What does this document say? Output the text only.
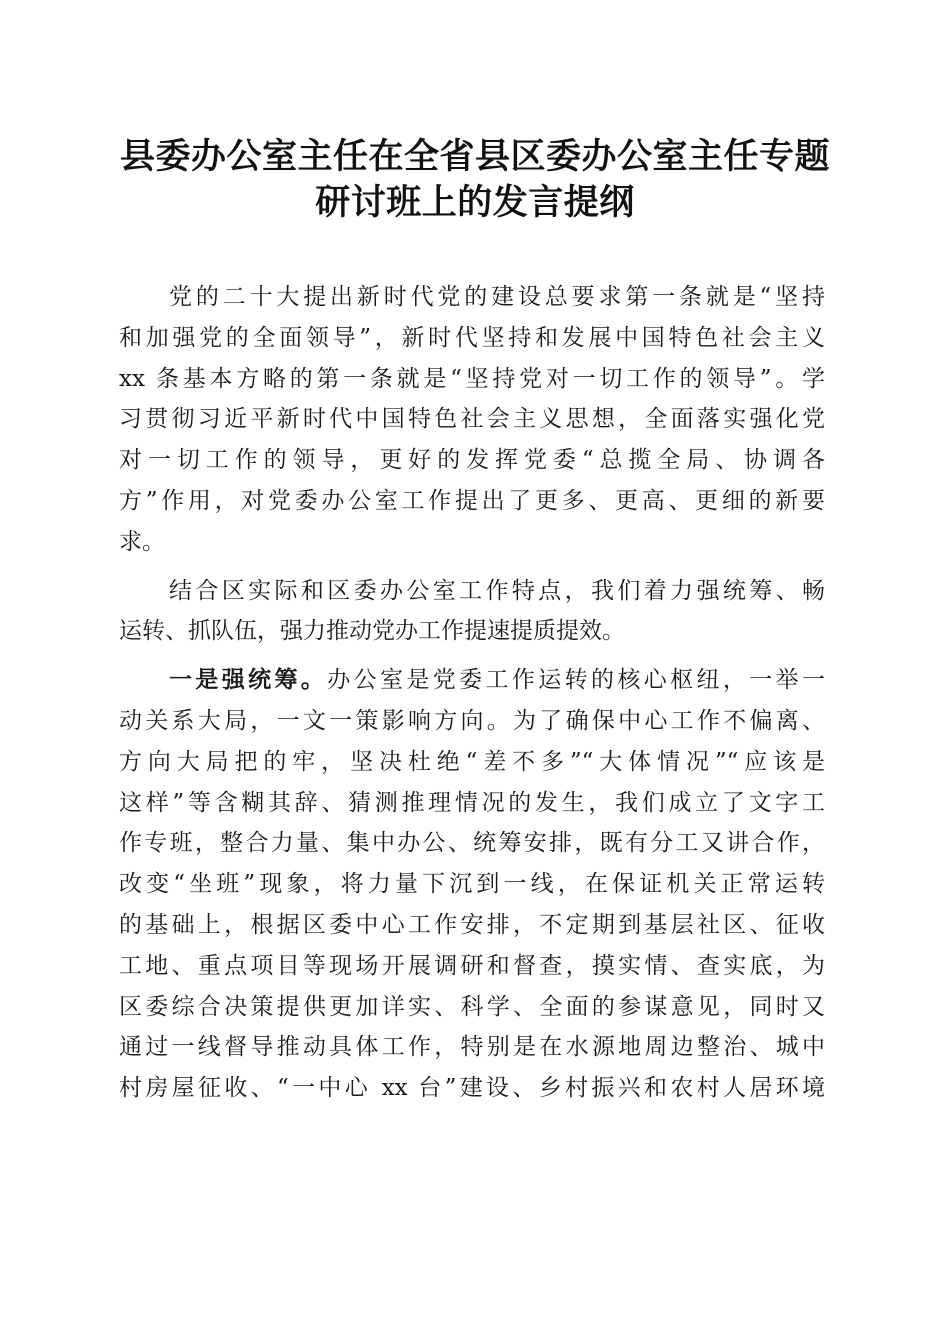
县委办公室主任在全省县区委办公室主任专题
研讨班上的发言提纲
党的二十大提出新时代党的建设总要求第一条就是“坚持
和加强党的全面领导”，新时代坚持和发展中国特色社会主义
xx 条基本方略的第一条就是“坚持党对一切工作的领导”。学
习贯彻习近平新时代中国特色社会主义思想，全面落实强化党
对一切工作的领导，更好的发挥党委“总揽全局、协调各
方”作用，对党委办公室工作提出了更多、更高、更细的新要
求。
结合区实际和区委办公室工作特点，我们着力强统筹、畅
运转、抓队伍，强力推动党办工作提速提质提效。
一是强统筹。办公室是党委工作运转的核心枢纽，一举一
动关系大局，一文一策影响方向。为了确保中心工作不偏离、
方向大局把的牢，坚决杜绝“差不多”“大体情况”“应该是
这样”等含糊其辞、猜测推理情况的发生，我们成立了文字工
作专班，整合力量、集中办公、统筹安排，既有分工又讲合作，
改变“坐班”现象，将力量下沉到一线，在保证机关正常运转
的基础上，根据区委中心工作安排，不定期到基层社区、征收
工地、重点项目等现场开展调研和督查，摸实情、查实底，为
区委综合决策提供更加详实、科学、全面的参谋意见，同时又
通过一线督导推动具体工作，特别是在水源地周边整治、城中
村房屋征收、“一中心 xx 台”建设、乡村振兴和农村人居环境
